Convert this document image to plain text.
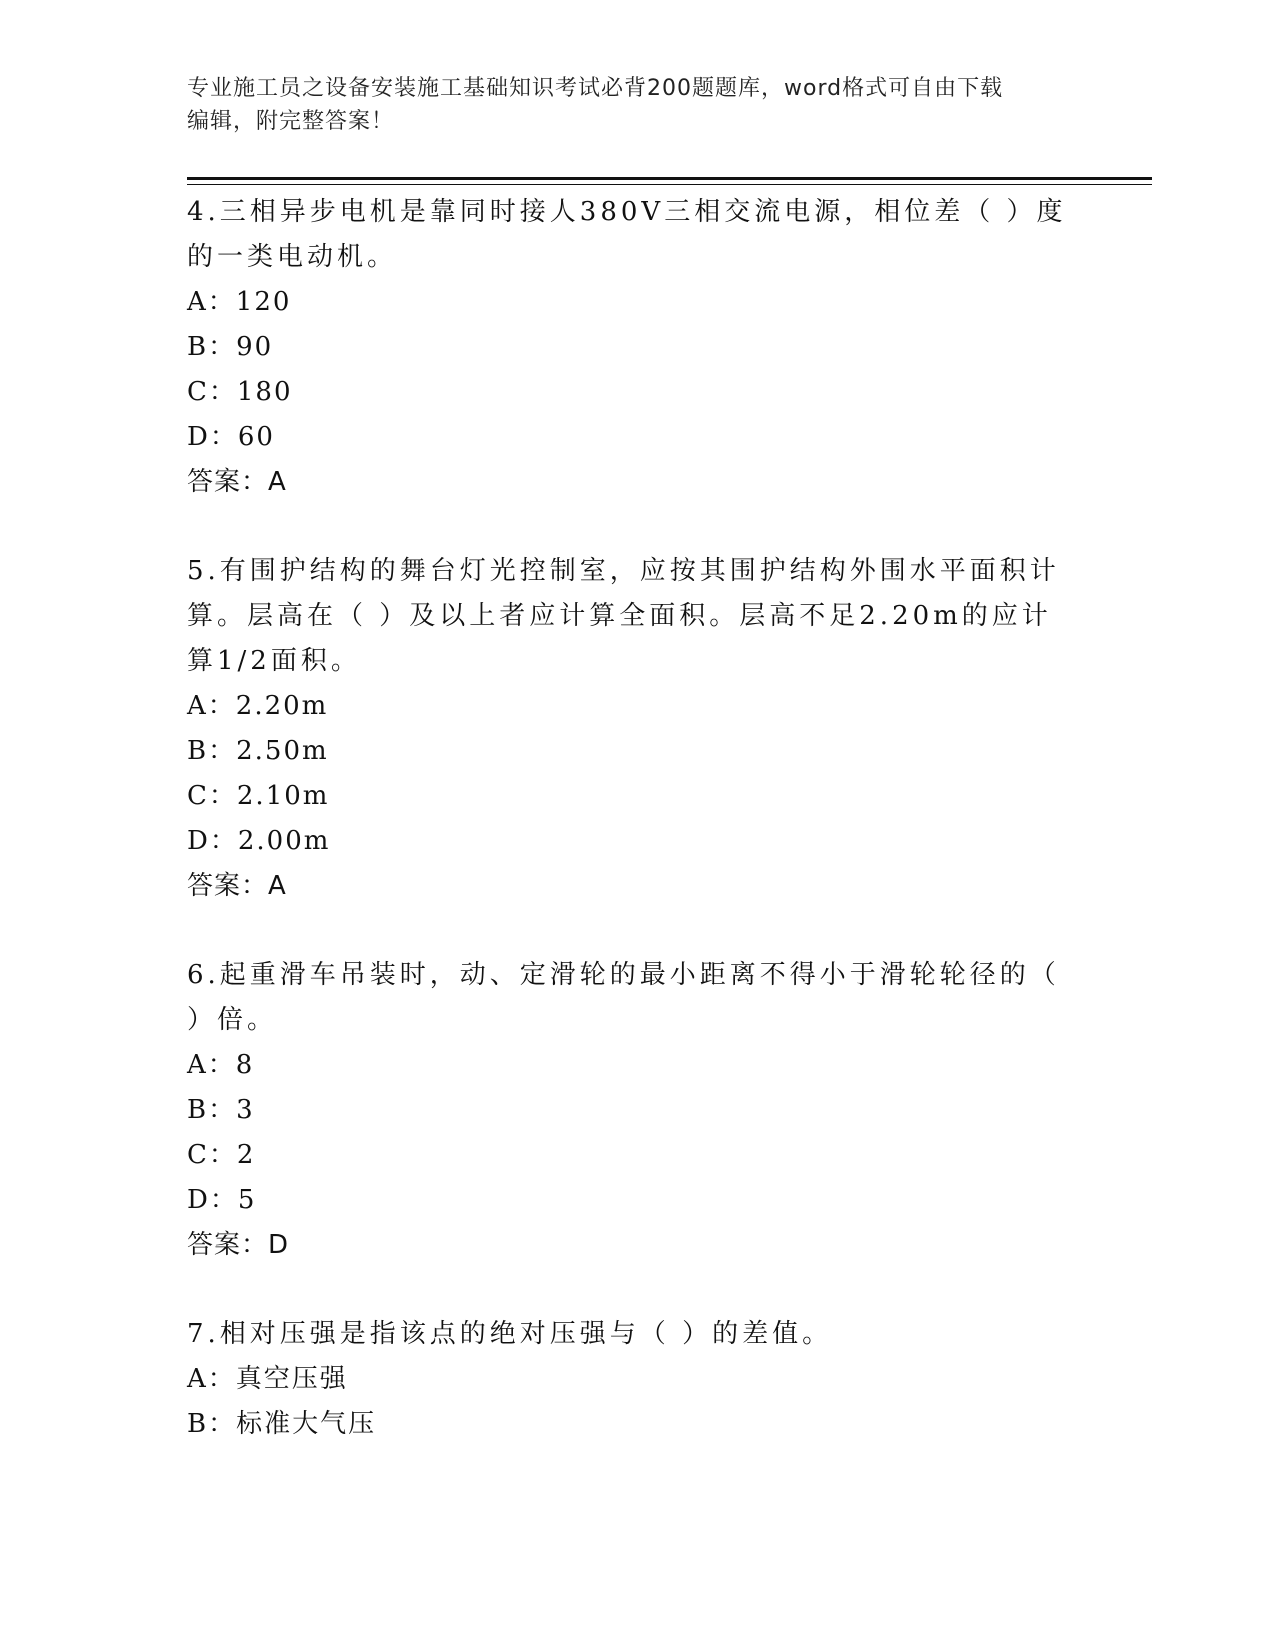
专业施工员之设备安装施工基础知识考试必背200题题库，word格式可自由下载
编辑，附完整答案！

4.三相异步电机是靠同时接人380V三相交流电源，相位差（ ）度的一类电动机。

A：120

B：90

C：180

D：60

答案：A

5.有围护结构的舞台灯光控制室，应按其围护结构外围水平面积计算。层高在（ ）及以上者应计算全面积。层高不足2.20m的应计算1/2面积。

A：2.20m

B：2.50m

C：2.10m

D：2.00m

答案：A

6.起重滑车吊装时，动、定滑轮的最小距离不得小于滑轮轮径的（ ）倍。

A：8

B：3

C：2

D：5

答案：D

7.相对压强是指该点的绝对压强与（ ）的差值。

A：真空压强

B：标准大气压
